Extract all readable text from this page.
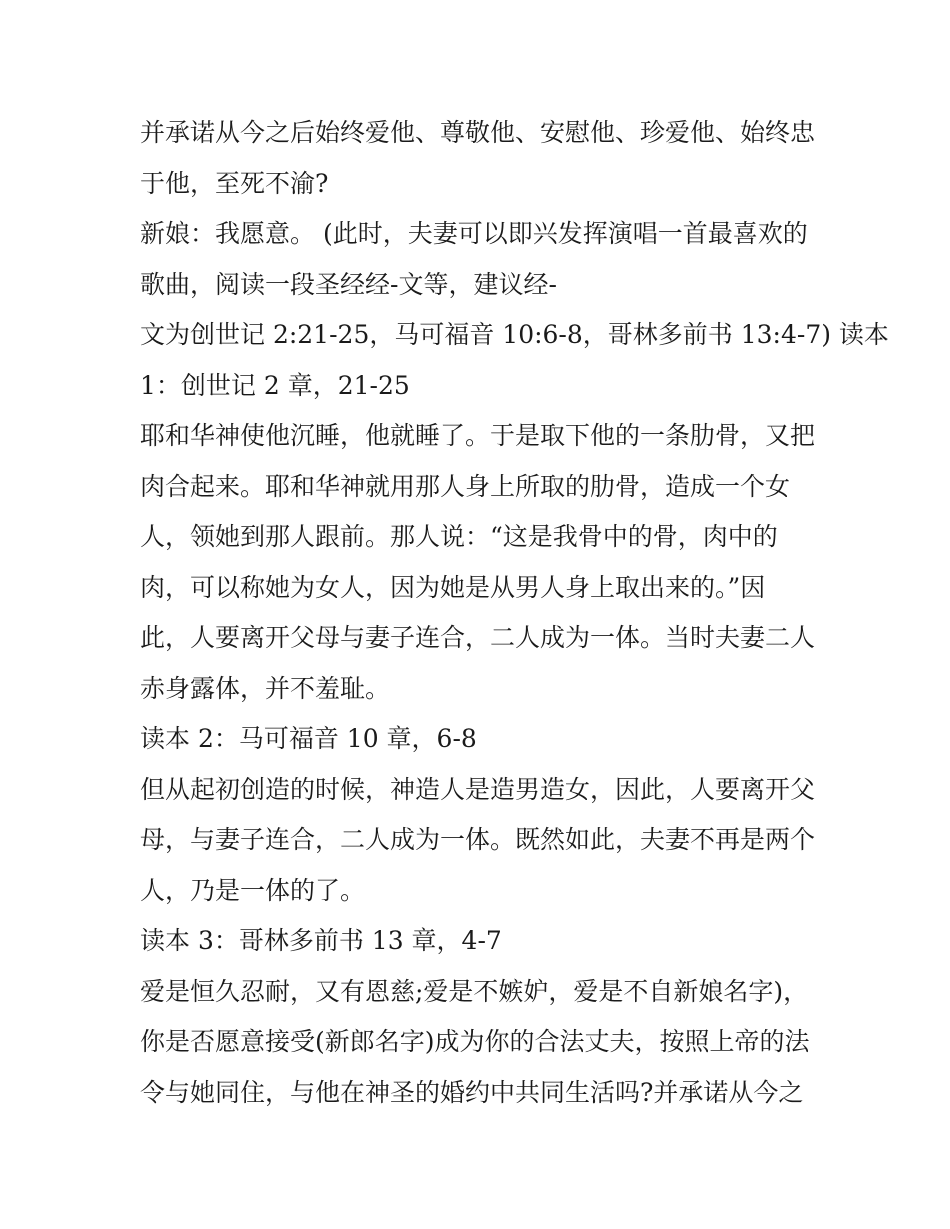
并承诺从今之后始终爱他、尊敬他、安慰他、珍爱他、始终忠
于他，至死不渝?
新娘：我愿意。 (此时，夫妻可以即兴发挥演唱一首最喜欢的
歌曲，阅读一段圣经经-文等，建议经-
文为创世记 2:21-25，马可福音 10:6-8，哥林多前书 13:4-7) 读本
1：创世记 2 章，21-25
耶和华神使他沉睡，他就睡了。于是取下他的一条肋骨，又把
肉合起来。耶和华神就用那人身上所取的肋骨，造成一个女
人，领她到那人跟前。那人说：“这是我骨中的骨，肉中的
肉，可以称她为女人，因为她是从男人身上取出来的。”因
此，人要离开父母与妻子连合，二人成为一体。当时夫妻二人
赤身露体，并不羞耻。
读本 2：马可福音 10 章，6-8
但从起初创造的时候，神造人是造男造女，因此，人要离开父
母，与妻子连合，二人成为一体。既然如此，夫妻不再是两个
人，乃是一体的了。
读本 3：哥林多前书 13 章，4-7
爱是恒久忍耐，又有恩慈;爱是不嫉妒，爱是不自新娘名字)，
你是否愿意接受(新郎名字)成为你的合法丈夫，按照上帝的法
令与她同住，与他在神圣的婚约中共同生活吗?并承诺从今之
